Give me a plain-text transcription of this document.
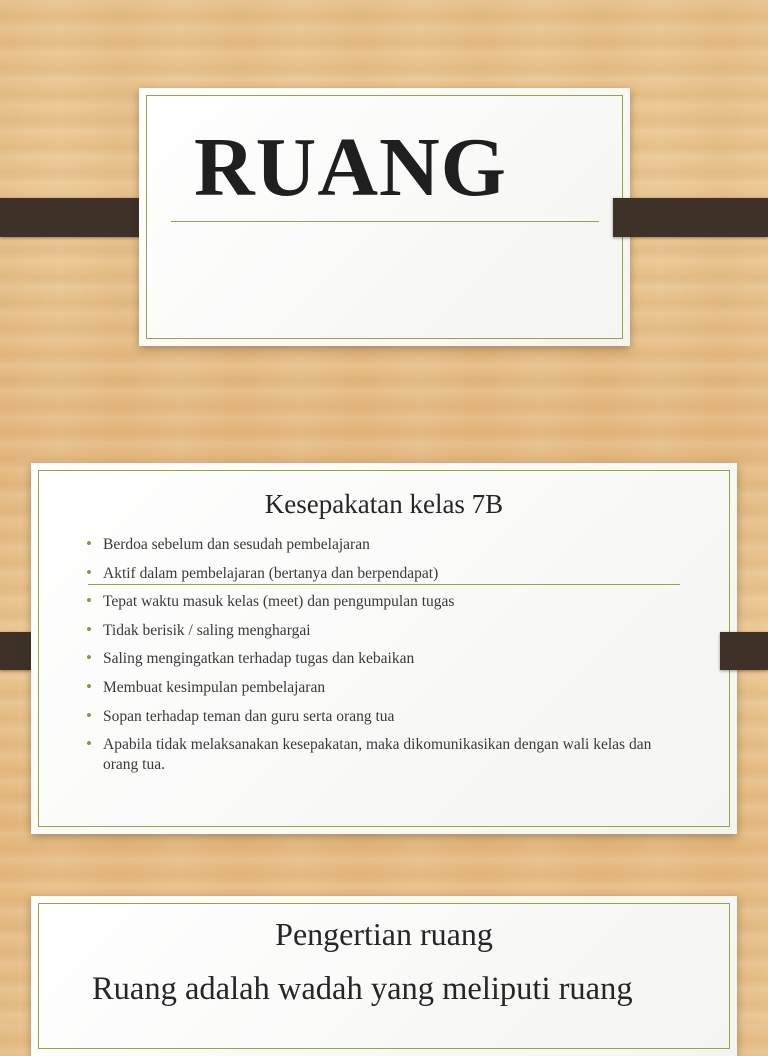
RUANG
Kesepakatan kelas 7B
• Berdoa sebelum dan sesudah pembelajaran
• Aktif dalam pembelajaran (bertanya dan berpendapat)
• Tepat waktu masuk kelas (meet) dan pengumpulan tugas
• Tidak berisik / saling menghargai
• Saling mengingatkan terhadap tugas dan kebaikan
• Membuat kesimpulan pembelajaran
• Sopan terhadap teman dan guru serta orang tua
• Apabila tidak melaksanakan kesepakatan, maka dikomunikasikan dengan wali kelas dan orang tua.
Pengertian ruang

Ruang adalah wadah yang meliputi ruang
